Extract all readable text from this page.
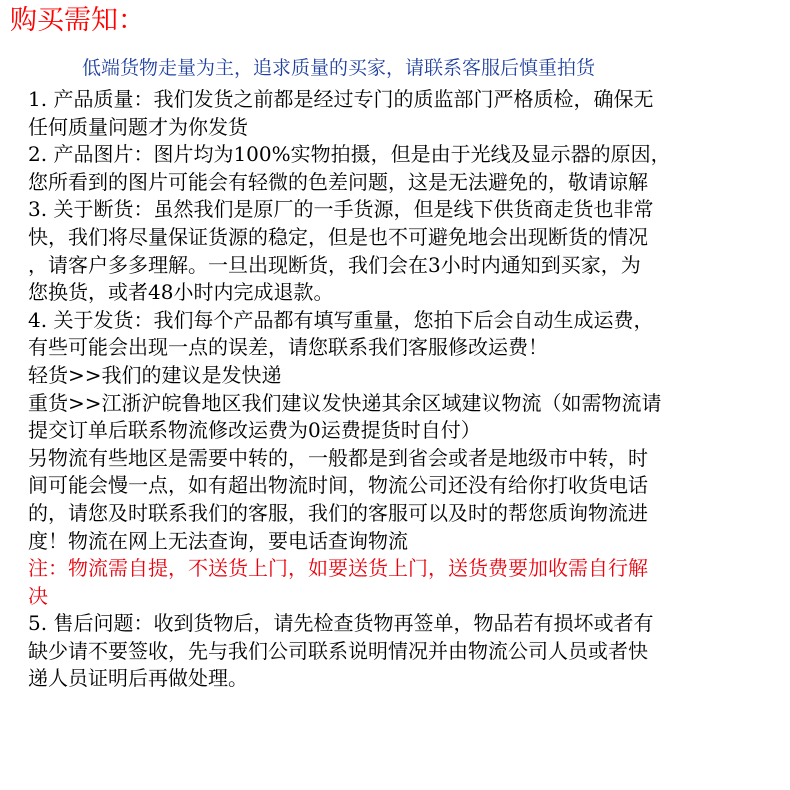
购买需知：
低端货物走量为主，追求质量的买家，请联系客服后慎重拍货
1. 产品质量：我们发货之前都是经过专门的质监部门严格质检，确保无
任何质量问题才为你发货
2. 产品图片：图片均为100%实物拍摄，但是由于光线及显示器的原因，
您所看到的图片可能会有轻微的色差问题，这是无法避免的，敬请谅解
3. 关于断货：虽然我们是原厂的一手货源，但是线下供货商走货也非常
快，我们将尽量保证货源的稳定，但是也不可避免地会出现断货的情况
，请客户多多理解。一旦出现断货，我们会在3小时内通知到买家，为
您换货，或者48小时内完成退款。
4. 关于发货：我们每个产品都有填写重量，您拍下后会自动生成运费，
有些可能会出现一点的误差，请您联系我们客服修改运费！
轻货>>我们的建议是发快递
重货>>江浙沪皖鲁地区我们建议发快递其余区域建议物流（如需物流请
提交订单后联系物流修改运费为0运费提货时自付）
另物流有些地区是需要中转的，一般都是到省会或者是地级市中转，时
间可能会慢一点，如有超出物流时间，物流公司还没有给你打收货电话
的，请您及时联系我们的客服，我们的客服可以及时的帮您质询物流进
度！物流在网上无法查询，要电话查询物流
注：物流需自提，不送货上门，如要送货上门，送货费要加收需自行解
决
5. 售后问题：收到货物后，请先检查货物再签单，物品若有损坏或者有
缺少请不要签收，先与我们公司联系说明情况并由物流公司人员或者快
递人员证明后再做处理。
